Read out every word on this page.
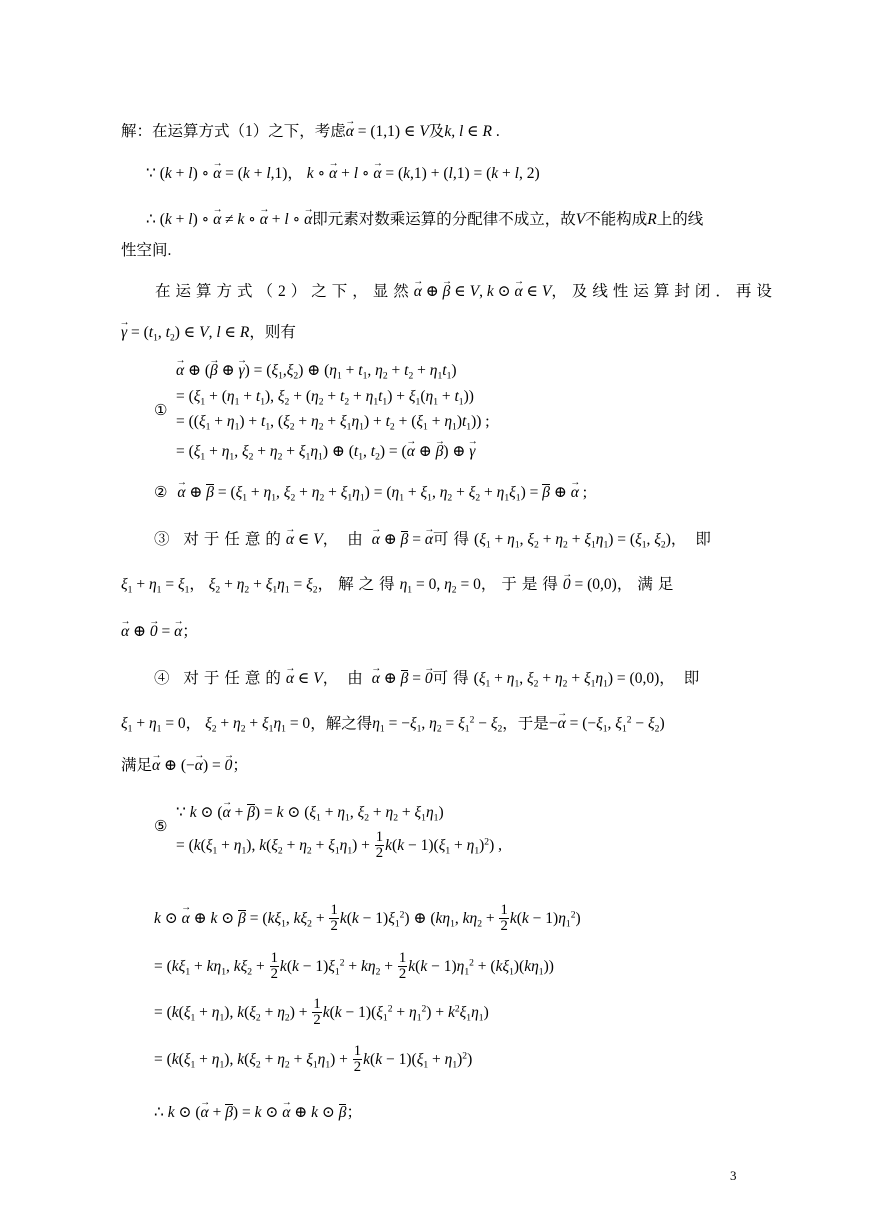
解：在运算方式（1）之下，考虑→ α = (1,1) ∈ V及k, l ∈ R .
∵ (k + l) ∘ → α = (k + l,1)， k ∘ → α + l ∘ → α = (k,1) + (l,1) = (k + l, 2)
∴ (k + l) ∘ → α ≠ k ∘ → α + l ∘ → α即元素对数乘运算的分配律不成立，故V不能构成R上的线
性空间.
在运算方式（2）之下，显然→ α ⊕ → β ∈ V, k ⊙ → α ∈ V，及线性运算封闭．再设
→ $\gamma = (t_1$, $t_2$) ∈ V, l ∈ R，则有
①
→ α ⊕ (→ β ⊕ → $\gamma) = (\xi_1,\xi_2)$ ⊕ ($\eta_1 + t_1$, $\eta_2 + t_2 + \eta_1t_1$)
= ($\xi_1 + (\eta_1 + t_1)$, $\xi_2 + (\eta_2 + t_2 + \eta_1t_1) + \xi_1(\eta_1 + t_1)$)
= ($(\xi_1 + \eta_1) + t_1$, $(\xi_2 + \eta_2 + \xi_1\eta_1) + t_2 + (\xi_1 + \eta_1)t_1$)) ;
= ($\xi_1 + \eta_1$, $\xi_2 + \eta_2 + \xi_1\eta_1$) ⊕ ($t_1$, $t_2$) = (→ α ⊕ → β) ⊕ → γ
② → α ⊕ $\beta = (\xi_1 + \eta_1$, $\xi_2 + \eta_2 + \xi_1\eta_1) = (\eta_1 + \xi_1$, $\eta_2 + \xi_2 + \eta_1\xi_1) = \beta$ ⊕ → α ;
③ 对于任意的→ α ∈ V，由→ α ⊕ β = → α可得($\xi_1 + \eta_1$, $\xi_2 + \eta_2 + \xi_1\eta_1) = (\xi_1$, $\xi_2$)，即
$\xi_1 + \eta_1 = \xi_1$， $\xi_2 + \eta_2 + \xi_1\eta_1 = \xi_2$，解之得$\eta_1 = 0$, $\eta_2 = 0$，于是得→ 0 = (0,0)，满足
→ α ⊕ → 0 = → α；
④ 对于任意的→ α ∈ V，由→ α ⊕ β = → 0可得($\xi_1 + \eta_1$, $\xi_2 + \eta_2 + \xi_1\eta_1) = (0,0)$，即
$\xi_1 + \eta_1 = 0$， $\xi_2 + \eta_2 + \xi_1\eta_1 = 0$，解之得$\eta_1 = -\xi_1$, $\eta_2 = \xi_1^2 - \xi_2$，于是−→ $\alpha = (-\xi_1$, $\xi_1^2 - \xi_2$)
满足→ α ⊕ (−→ α) = → 0；
⑤
∵ k ⊙ (→ α + β) = k ⊙ ($\xi_1 + \eta_1$, $\xi_2 + \eta_2 + \xi_1\eta_1$)
= ($k(\xi_1 + \eta_1)$, $k(\xi_2 + \eta_2 + \xi_1\eta_1) + \frac{1}{2} k(k - 1)(\xi_1 + \eta_1)^2$) ,
k ⊙ → α ⊕ k ⊙ $\beta = (k\xi_1$, $k\xi_2 + \frac{1}{2} k(k - 1)\xi_1^2$) ⊕ ($k\eta_1$, $k\eta_2 + \frac{1}{2} k(k - 1)\eta_1^2$)
= ($k\xi_1 + k\eta_1$, $k\xi_2 + \frac{1}{2} k(k - 1)\xi_1^2 + k\eta_2 + \frac{1}{2} k(k - 1)\eta_1^2 + (k\xi_1)(k\eta_1)$)
= ($k(\xi_1 + \eta_1)$, $k(\xi_2 + \eta_2) + \frac{1}{2} k(k - 1)(\xi_1^2 + \eta_1^2) + k^2\xi_1\eta_1$)
= ($k(\xi_1 + \eta_1)$, $k(\xi_2 + \eta_2 + \xi_1\eta_1) + \frac{1}{2} k(k - 1)(\xi_1 + \eta_1)^2$)
∴ k ⊙ (→ α + β) = k ⊙ → α ⊕ k ⊙ β；
3
